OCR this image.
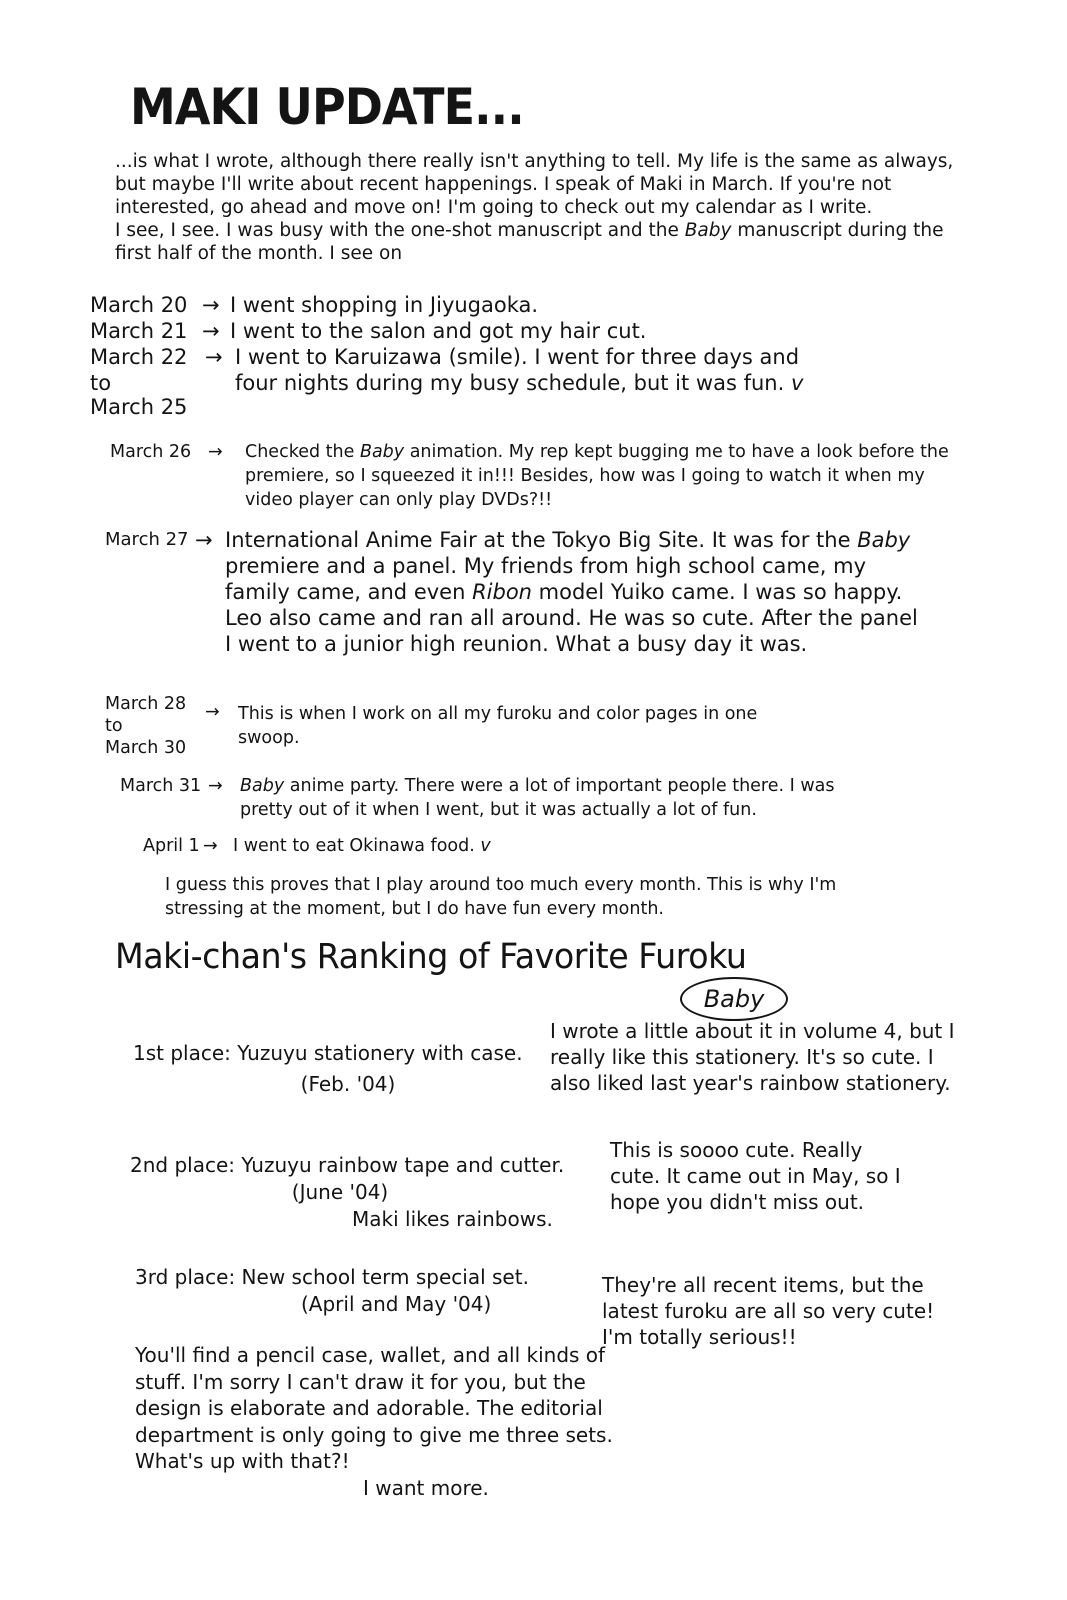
MAKI UPDATE...

...is what I wrote, although there really isn't anything to tell. My life is the same as always, but maybe I'll write about recent happenings. I speak of Maki in March. If you're not interested, go ahead and move on! I'm going to check out my calendar as I write.

I see, I see. I was busy with the one-shot manuscript and the Baby manuscript during the first half of the month. I see on

March 20 → I went shopping in Jiyugaoka.
March 21 → I went to the salon and got my hair cut.
March 22
to
March 25
→ I went to Karuizawa (smile). I went for three days and four nights during my busy schedule, but it was fun. v
March 26 → Checked the Baby animation. My rep kept bugging me to have a look before the premiere, so I squeezed it in!!! Besides, how was I going to watch it when my video player can only play DVDs?!!
March 27 → International Anime Fair at the Tokyo Big Site. It was for the Baby premiere and a panel. My friends from high school came, my family came, and even Ribon model Yuiko came. I was so happy. Leo also came and ran all around. He was so cute. After the panel I went to a junior high reunion. What a busy day it was.
March 28
to
March 30
→ This is when I work on all my furoku and color pages in one swoop.
March 31 → Baby anime party. There were a lot of important people there. I was pretty out of it when I went, but it was actually a lot of fun.
April 1 → I went to eat Okinawa food. v
I guess this proves that I play around too much every month. This is why I'm stressing at the moment, but I do have fun every month.
Maki-chan's Ranking of Favorite Furoku
Baby
1st place: Yuzuyu stationery with case.
(Feb. '04)
I wrote a little about it in volume 4, but I really like this stationery. It's so cute. I also liked last year's rainbow stationery.
2nd place: Yuzuyu rainbow tape and cutter.
(June '04)
Maki likes rainbows.
This is soooo cute. Really cute. It came out in May, so I hope you didn't miss out.
3rd place: New school term special set.
(April and May '04)
They're all recent items, but the latest furoku are all so very cute! I'm totally serious!!
You'll find a pencil case, wallet, and all kinds of stuff. I'm sorry I can't draw it for you, but the design is elaborate and adorable. The editorial department is only going to give me three sets. What's up with that?!
I want more.
